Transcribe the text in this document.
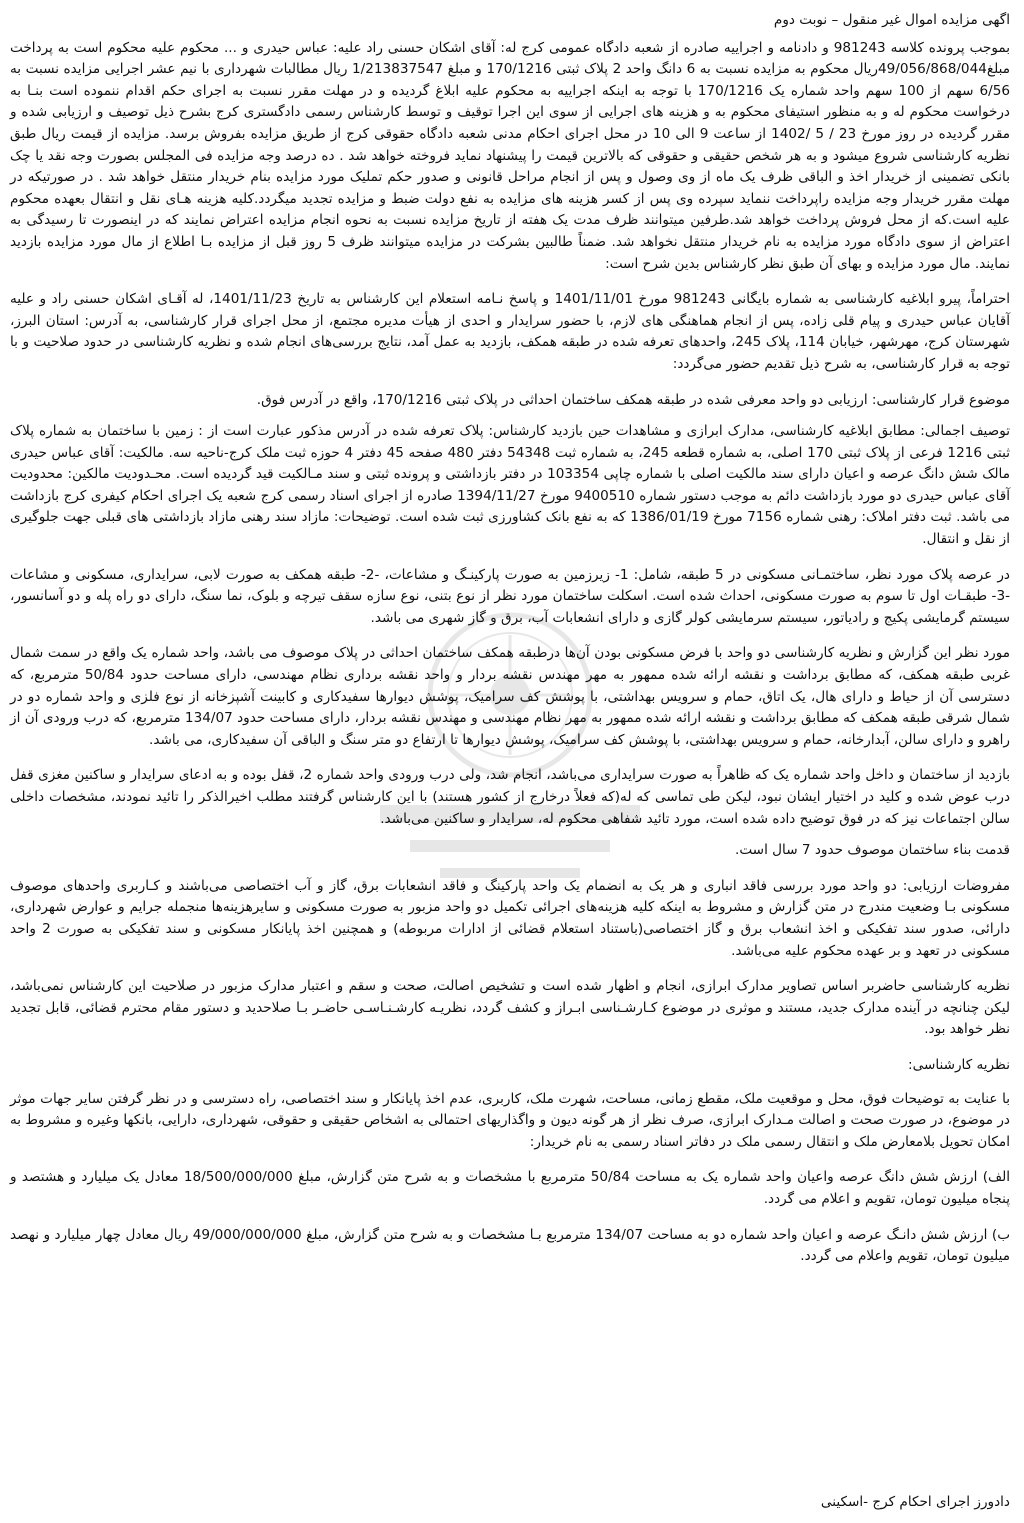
اگهی مزایده اموال غیر منقول – نوبت دوم

بموجب پرونده کلاسه 981243 و دادنامه و اجراییه صادره از شعبه دادگاه عمومی کرج له: آقای اشکان حسنی راد علیه: عباس حیدری و ... محکوم علیه محکوم است به پرداخت مبلغ49/056/868/044ریال محکوم به مزایده نسبت به 6 دانگ واحد 2 پلاک ثبتی 170/1216 و مبلغ 1/213837547 ریال مطالبات شهرداری با نیم عشر اجرایی مزایده نسبت به 6/56 سهم از 100 سهم واحد شماره یک 170/1216 با توجه به اینکه اجراییه به محکوم علیه ابلاغ گردیده و در مهلت مقرر نسبت به اجرای حکم اقدام ننموده است بنـا به درخواست محکوم له و به منظور استیفای محکوم به و هزینه های اجرایی از سوی این اجرا توقیف و توسط کارشناس رسمی دادگستری کرج بشرح ذیل توصیف و ارزیابی شده و مقرر گردیده در روز مورخ 23 / 5 /1402 از ساعت 9 الی 10 در محل اجرای احکام مدنی شعبه دادگاه حقوقی کرج از طریق مزایده بفروش برسد. مزایده از قیمت ریال طبق نظریه کارشناسی شروع میشود و به هر شخص حقیقی و حقوقی که بالاترین قیمت را پیشنهاد نماید فروخته خواهد شد . ده درصد وجه مزایده فی المجلس بصورت وجه نقد یا چک بانکی تضمینی از خریدار اخذ و الباقی ظرف یک ماه از وی وصول و پس از انجام مراحل قانونی و صدور حکم تملیک مورد مزایده بنام خریدار منتقل خواهد شد . در صورتیکه در مهلت مقرر خریدار وجه مزایده راپرداخت ننماید سپرده وی پس از کسر هزینه های مزایده به نفع دولت ضبط و مزایده تجدید میگردد.کلیه هزینه هـای نقل و انتقال بعهده محکوم علیه است.که از محل فروش پرداخت خواهد شد.طرفین میتوانند ظرف مدت یک هفته از تاریخ مزایده نسبت به نحوه انجام مزایده اعتراض نمایند که در اینصورت تا رسیدگی به اعتراض از سوی دادگاه مورد مزایده به نام خریدار منتقل نخواهد شد. ضمناً طالبین بشرکت در مزایده میتوانند ظرف 5 روز قبل از مزایده بـا اطلاع از مال مورد مزایده بازدید نمایند. مال مورد مزایده و بهای آن طبق نظر کارشناس بدین شرح است:

احتراماً، پیرو ابلاغیه کارشناسی به شماره بایگانی 981243 مورخ 1401/11/01 و پاسخ نـامه استعلام این کارشناس به تاریخ 1401/11/23، له آقـای اشکان حسنی راد و علیه آقایان عباس حیدری و پیام قلی زاده، پس از انجام هماهنگی های لازم، با حضور سرایدار و احدی از هیأت مدیره مجتمع، از محل اجرای قرار کارشناسی، به آدرس: استان البرز، شهرستان کرج، مهرشهر، خیابان 114، پلاک 245، واحدهای تعرفه شده در طبقه همکف، بازدید به عمل آمد، نتایج بررسی‌های انجام شده و نظریه کارشناسی در حدود صلاحیت و با توجه به قرار کارشناسی، به شرح ذیل تقدیم حضور می‌گردد:

موضوع قرار کارشناسی: ارزیابی دو واحد معرفی شده در طبقه همکف ساختمان احداثی در پلاک ثبتی 170/1216، واقع در آدرس فوق.

توصیف اجمالی: مطابق ابلاغیه کارشناسی، مدارک ابرازی و مشاهدات حین بازدید کارشناس: پلاک تعرفه شده در آدرس مذکور عبارت است از : زمین با ساختمان به شماره پلاک ثبتی 1216 فرعی از پلاک ثبتی 170 اصلی، به شماره قطعه 245، به شماره ثبت 54348 دفتر 480 صفحه 45 دفتر 4 حوزه ثبت ملک کرج-ناحیه سه. مالکیت: آقای عباس حیدری مالک شش دانگ عرصه و اعیان دارای سند مالکیت اصلی با شماره چاپی 103354 در دفتر بازداشتی و پرونده ثبتی و سند مـالکیت قید گردیده است. محـدودیت مالکین: محدودیت آقای عباس حیدری دو مورد بازداشت دائم به موجب دستور شماره 9400510 مورخ 1394/11/27 صادره از اجرای اسناد رسمی کرج شعبه یک اجرای احکام کیفری کرج بازداشت می باشد. ثبت دفتر املاک: رهنی شماره 7156 مورخ 1386/01/19 که به نفع بانک کشاورزی ثبت شده است. توضیحات: مازاد سند رهنی مازاد بازداشتی های قبلی جهت جلوگیری از نقل و انتقال.

در عرصه پلاک مورد نظر، ساختمـانی مسکونی در 5 طبقه، شامل: 1- زیرزمین به صورت پارکینـگ و مشاعات، -2- طبقه همکف به صورت لابی، سرایداری، مسکونی و مشاعات -3- طبقـات اول تا سوم به صورت مسکونی، احداث شده است. اسکلت ساختمان مورد نظر از نوع بتنی، نوع سازه سقف تیرچه و بلوک، نما سنگ، دارای دو راه پله و دو آسانسور، سیستم گرمایشی پکیج و رادیاتور، سیستم سرمایشی کولر گازی و دارای انشعابات آب، برق و گاز شهری می باشد.

مورد نظر این گزارش و نظریه کارشناسی دو واحد با فرض مسکونی بودن آن‌ها درطبقه همکف ساختمان احداثی در پلاک موصوف می باشد، واحد شماره یک واقع در سمت شمال غربی طبقه همکف، که مطابق برداشت و نقشه ارائه شده ممهور به مهر مهندس نقشه بردار و واحد نقشه برداری نظام مهندسی، دارای مساحت حدود 50/84 مترمربع، که دسترسی آن از حیاط و دارای هال، یک اتاق، حمام و سرویس بهداشتی، با پوشش کف سرامیک، پوشش دیوارها سفیدکاری و کابینت آشپزخانه از نوع فلزی و واحد شماره دو در شمال شرقی طبقه همکف که مطابق برداشت و نقشه ارائه شده ممهور به مهر نظام مهندسی و مهندس نقشه بردار، دارای مساحت حدود 134/07 مترمربع، که درب ورودی آن از راهرو و دارای سالن، آبدارخانه، حمام و سرویس بهداشتی، با پوشش کف سرامیک، پوشش دیوارها تا ارتفاع دو متر سنگ و الباقی آن سفیدکاری، می باشد.

بازدید از ساختمان و داخل واحد شماره یک که ظاهراً به صورت سرایداری می‌باشد، انجام شد، ولی درب ورودی واحد شماره 2، قفل بوده و به ادعای سرایدار و ساکنین مغزی قفل درب عوض شده و کلید در اختیار ایشان نبود، لیکن طی تماسی که له(که فعلاً درخارج از کشور هستند) با این کارشناس گرفتند مطلب اخیرالذکر را تائید نمودند، مشخصات داخلی سالن اجتماعات نیز که در فوق توضیح داده شده است، مورد تائید شفاهی محکوم له، سرایدار و ساکنین می‌باشد.

قدمت بناء ساختمان موصوف حدود 7 سال است.

مفروضات ارزیابی: دو واحد مورد بررسی فاقد انباری و هر یک به انضمام یک واحد پارکینگ و فاقد انشعابات برق، گاز و آب اختصاصی می‌باشند و کـاربری واحدهای موصوف مسکونی بـا وضعیت مندرج در متن گزارش و مشروط به اینکه کلیه هزینه‌های اجرائی تکمیل دو واحد مزبور به صورت مسکونی و سایرهزینه‌ها منجمله جرایم و عوارض شهرداری، دارائی، صدور سند تفکیکی و اخذ انشعاب برق و گاز اختصاصی(باستناد استعلام قضائی از ادارات مربوطه) و همچنین اخذ پایانکار مسکونی و سند تفکیکی به صورت 2 واحد مسکونی در تعهد و بر عهده محکوم علیه می‌باشد.

نظریه کارشناسی حاضربر اساس تصاویر مدارک ابرازی، انجام و اظهار شده است و تشخیص اصالت، صحت و سقم و اعتبار مدارک مزبور در صلاحیت این کارشناس نمی‌باشد، لیکن چنانچه در آینده مدارک جدید، مستند و موثری در موضوع کـارشـناسی ابـراز و کشف گردد، نظریـه کارشـنـاسـی حاضـر بـا صلاحدید و دستور مقام محترم قضائی، قابل تجدید نظر خواهد بود.

نظریه کارشناسی:

با عنایت به توضیحات فوق، محل و موقعیت ملک، مقطع زمانی، مساحت، شهرت ملک، کاربری، عدم اخذ پایانکار و سند اختصاصی، راه دسترسی و در نظر گرفتن سایر جهات موثر در موضوع، در صورت صحت و اصالت مـدارک ابرازی، صرف نظر از هر گونه دیون و واگذاریهای احتمالی به اشخاص حقیقی و حقوقی، شهرداری، دارایی، بانکها وغیره و مشروط به امکان تحویل بلامعارض ملک و انتقال رسمی ملک در دفاتر اسناد رسمی به نام خریدار:

الف) ارزش شش دانگ عرصه واعیان واحد شماره یک به مساحت 50/84 مترمربع با مشخصات و به شرح متن گزارش، مبلغ 18/500/000/000 معادل یک میلیارد و هشتصد و پنجاه میلیون تومان، تقویم و اعلام می گردد.

ب) ارزش شش دانـگ عرصه و اعیان واحد شماره دو به مساحت 134/07 مترمربع بـا مشخصات و به شرح متن گزارش، مبلغ 49/000/000/000 ریال معادل چهار میلیارد و نهصد میلیون تومان، تقویم واعلام می گردد.

دادورز اجرای احکام کرج -اسکینی
